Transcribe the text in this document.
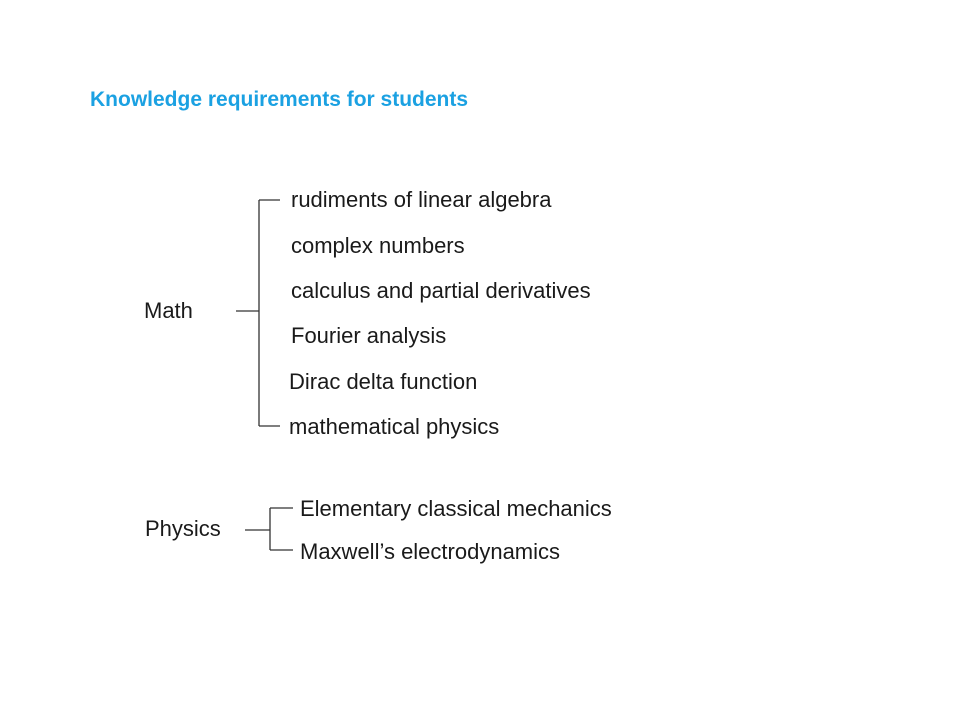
Knowledge requirements for students
Math
rudiments of linear algebra
complex numbers
calculus and partial derivatives
Fourier analysis
Dirac delta function
mathematical physics
Physics
Elementary classical mechanics
Maxwell’s electrodynamics
